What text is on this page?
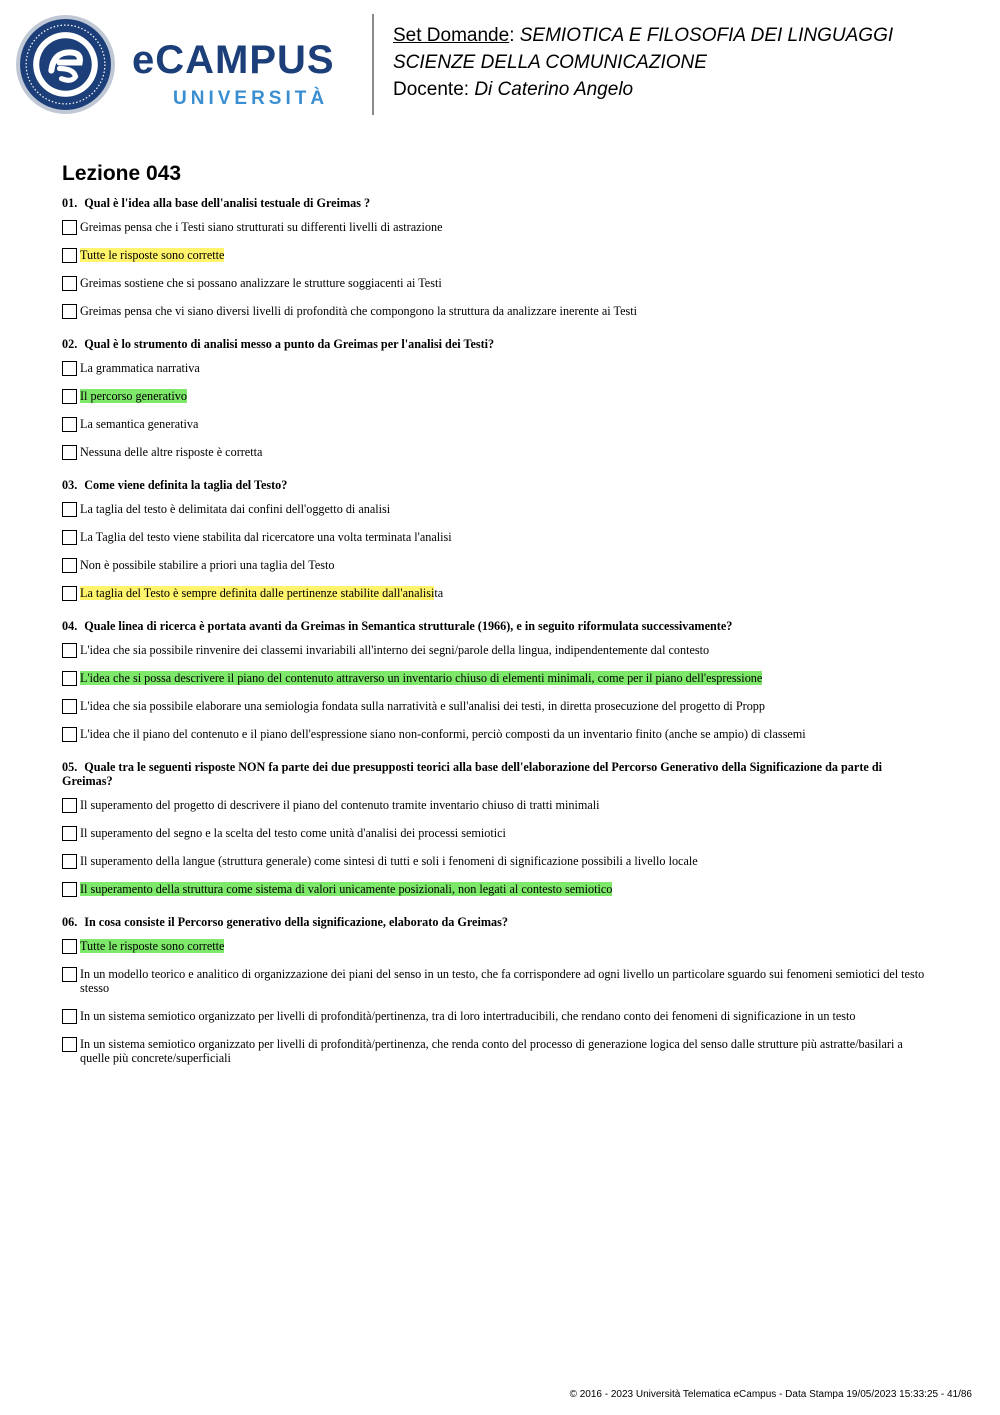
eCAMPUS
UNIVERSITÀ
Set Domande: SEMIOTICA E FILOSOFIA DEI LINGUAGGI
SCIENZE DELLA COMUNICAZIONE
Docente: Di Caterino Angelo
Lezione 043
01. Qual è l'idea alla base dell'analisi testuale di Greimas ?
Greimas pensa che i Testi siano strutturati su differenti livelli di astrazione
Tutte le risposte sono corrette
Greimas sostiene che si possano analizzare le strutture soggiacenti ai Testi
Greimas pensa che vi siano diversi livelli di profondità che compongono la struttura da analizzare inerente ai Testi
02. Qual è lo strumento di analisi messo a punto da Greimas per l'analisi dei Testi?
La grammatica narrativa
Il percorso generativo
La semantica generativa
Nessuna delle altre risposte è corretta
03. Come viene definita la taglia del Testo?
La taglia del testo è delimitata dai confini dell'oggetto di analisi
La Taglia del testo viene stabilita dal ricercatore una volta terminata l'analisi
Non è possibile stabilire a priori una taglia del Testo
La taglia del Testo è sempre definita dalle pertinenze stabilite dall'analisita
04. Quale linea di ricerca è portata avanti da Greimas in Semantica strutturale (1966), e in seguito riformulata successivamente?
L'idea che sia possibile rinvenire dei classemi invariabili all'interno dei segni/parole della lingua, indipendentemente dal contesto
L'idea che si possa descrivere il piano del contenuto attraverso un inventario chiuso di elementi minimali, come per il piano dell'espressione
L'idea che sia possibile elaborare una semiologia fondata sulla narratività e sull'analisi dei testi, in diretta prosecuzione del progetto di Propp
L'idea che il piano del contenuto e il piano dell'espressione siano non-conformi, perciò composti da un inventario finito (anche se ampio) di classemi
05. Quale tra le seguenti risposte NON fa parte dei due presupposti teorici alla base dell'elaborazione del Percorso Generativo della Significazione da parte di Greimas?
Il superamento del progetto di descrivere il piano del contenuto tramite inventario chiuso di tratti minimali
Il superamento del segno e la scelta del testo come unità d'analisi dei processi semiotici
Il superamento della langue (struttura generale) come sintesi di tutti e soli i fenomeni di significazione possibili a livello locale
Il superamento della struttura come sistema di valori unicamente posizionali, non legati al contesto semiotico
06. In cosa consiste il Percorso generativo della significazione, elaborato da Greimas?
Tutte le risposte sono corrette
In un modello teorico e analitico di organizzazione dei piani del senso in un testo, che fa corrispondere ad ogni livello un particolare sguardo sui fenomeni semiotici del testo stesso
In un sistema semiotico organizzato per livelli di profondità/pertinenza, tra di loro intertraducibili, che rendano conto dei fenomeni di significazione in un testo
In un sistema semiotico organizzato per livelli di profondità/pertinenza, che renda conto del processo di generazione logica del senso dalle strutture più astratte/basilari a quelle più concrete/superficiali
© 2016 - 2023 Università Telematica eCampus - Data Stampa 19/05/2023 15:33:25 - 41/86
